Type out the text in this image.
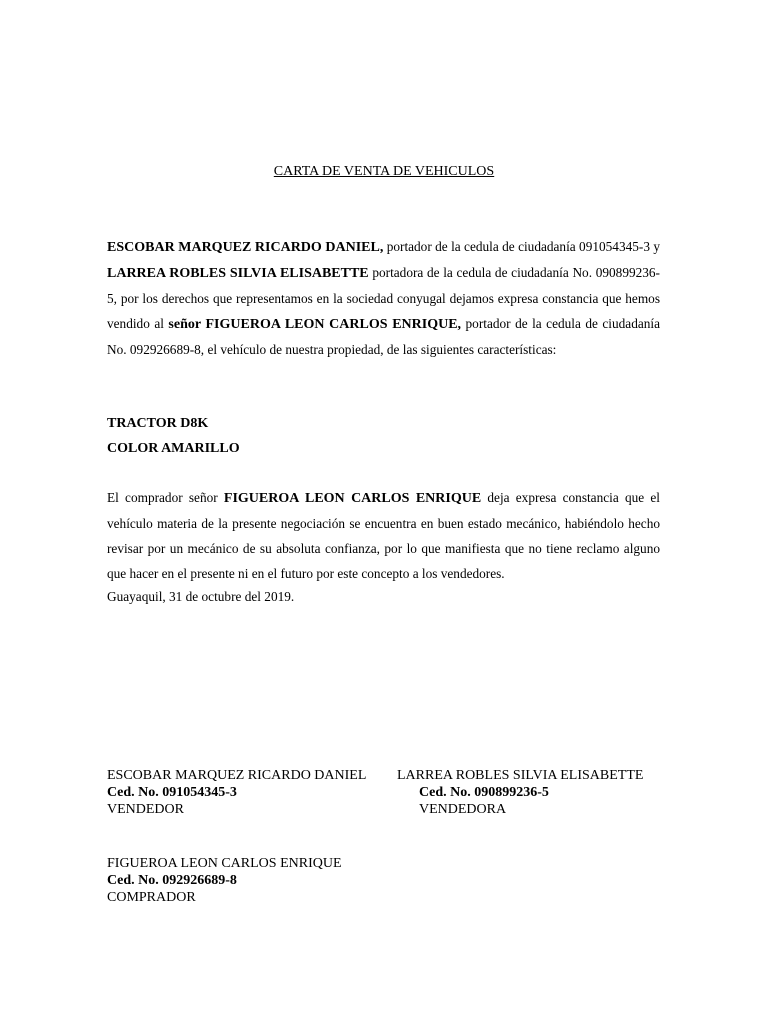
CARTA DE VENTA DE VEHICULOS
ESCOBAR MARQUEZ RICARDO DANIEL, portador de la cedula de ciudadanía 091054345-3 y LARREA ROBLES SILVIA ELISABETTE portadora de la cedula de ciudadanía No. 090899236-5, por los derechos que representamos en la sociedad conyugal dejamos expresa constancia que hemos vendido al señor FIGUEROA LEON CARLOS ENRIQUE, portador de la cedula de ciudadanía No. 092926689-8, el vehículo de nuestra propiedad, de las siguientes características:
TRACTOR D8K
COLOR AMARILLO
El comprador señor FIGUEROA LEON CARLOS ENRIQUE deja expresa constancia que el vehículo materia de la presente negociación se encuentra en buen estado mecánico, habiéndolo hecho revisar por un mecánico de su absoluta confianza, por lo que manifiesta que no tiene reclamo alguno que hacer en el presente ni en el futuro por este concepto a los vendedores.
Guayaquil, 31 de octubre del 2019.
ESCOBAR MARQUEZ RICARDO DANIEL
Ced. No. 091054345-3
VENDEDOR
LARREA ROBLES SILVIA ELISABETTE
Ced. No. 090899236-5
VENDEDORA
FIGUEROA LEON CARLOS ENRIQUE
Ced. No. 092926689-8
COMPRADOR
